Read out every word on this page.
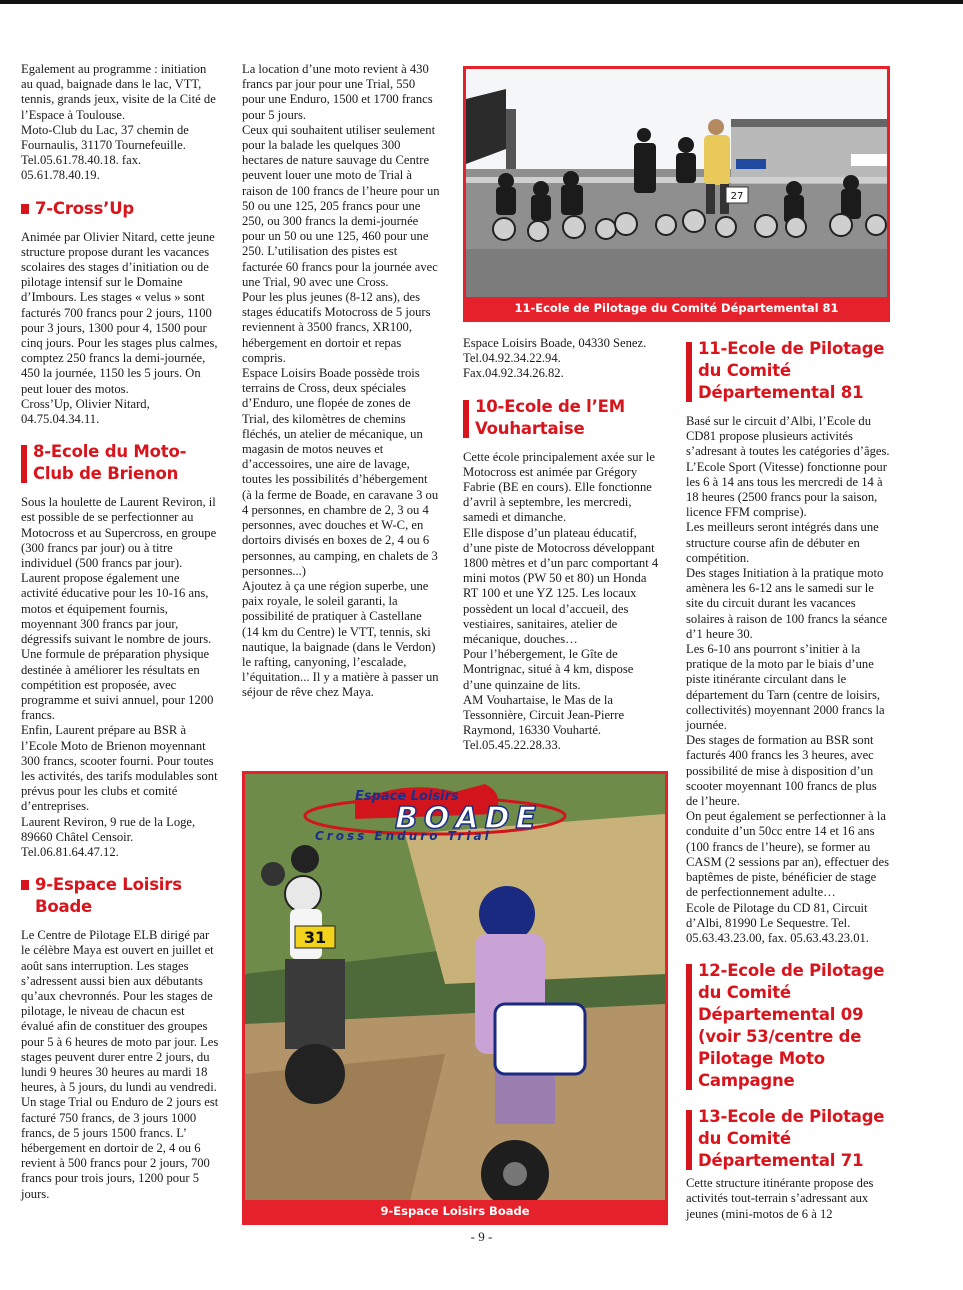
Egalement au programme : initiation au quad, baignade dans le lac, VTT, tennis, grands jeux, visite de la Cité de l’Espace à Toulouse.

Moto-Club du Lac, 37 chemin de Fournaulis, 31170 Tournefeuille. Tel.05.61.78.40.18. fax. 05.61.78.40.19.

7-Cross’Up

Animée par Olivier Nitard, cette jeune structure propose durant les vacances scolaires des stages d’initiation ou de pilotage intensif sur le Domaine d’Imbours. Les stages « velus » sont facturés 700 francs pour 2 jours, 1100 pour 3 jours, 1300 pour 4, 1500 pour cinq jours. Pour les stages plus calmes, comptez 250 francs la demi-journée, 450 la journée, 1150 les 5 jours. On peut louer des motos.

Cross’Up, Olivier Nitard, 04.75.04.34.11.

8-Ecole du Moto-Club de Brienon

Sous la houlette de Laurent Reviron, il est possible de se perfectionner au Motocross et au Supercross, en groupe (300 francs par jour) ou à titre individuel (500 francs par jour). Laurent propose également une activité éducative pour les 10-16 ans, motos et équipement fournis, moyennant 300 francs par jour, dégressifs suivant le nombre de jours.

Une formule de préparation physique destinée à améliorer les résultats en compétition est proposée, avec programme et suivi annuel, pour 1200 francs.

Enfin, Laurent prépare au BSR à l’Ecole Moto de Brienon moyennant 300 francs, scooter fourni. Pour toutes les activités, des tarifs modulables sont prévus pour les clubs et comité d’entreprises.

Laurent Reviron, 9 rue de la Loge, 89660 Châtel Censoir. Tel.06.81.64.47.12.

9-Espace Loisirs Boade

Le Centre de Pilotage ELB dirigé par le célèbre Maya est ouvert en juillet et août sans interruption. Les stages s’adressent aussi bien aux débutants qu’aux chevronnés. Pour les stages de pilotage, le niveau de chacun est évalué afin de constituer des groupes pour 5 à 6 heures de moto par jour. Les stages peuvent durer entre 2 jours, du lundi 9 heures 30 heures au mardi 18 heures, à 5 jours, du lundi au vendredi. Un stage Trial ou Enduro de 2 jours est facturé 750 francs, de 3 jours 1000 francs, de 5 jours 1500 francs. L’ hébergement en dortoir de 2, 4 ou 6 revient à 500 francs pour 2 jours, 700 francs pour trois jours, 1200 pour 5 jours.

La location d’une moto revient à 430 francs par jour pour une Trial, 550 pour une Enduro, 1500 et 1700 francs pour 5 jours.

Ceux qui souhaitent utiliser seulement pour la balade les quelques 300 hectares de nature sauvage du Centre peuvent louer une moto de Trial à raison de 100 francs de l’heure pour un 50 ou une 125, 205 francs pour une 250, ou 300 francs la demi-journée pour un 50 ou une 125, 460 pour une 250. L’utilisation des pistes est facturée 60 francs pour la journée avec une Trial, 90 avec une Cross.

Pour les plus jeunes (8-12 ans), des stages éducatifs Motocross de 5 jours reviennent à 3500 francs, XR100, hébergement en dortoir et repas compris.

Espace Loisirs Boade possède trois terrains de Cross, deux spéciales d’Enduro, une flopée de zones de Trial, des kilomètres de chemins fléchés, un atelier de mécanique, un magasin de motos neuves et d’accessoires, une aire de lavage, toutes les possibilités d’hébergement (à la ferme de Boade, en caravane 3 ou 4 personnes, en chambre de 2, 3 ou 4 personnes, avec douches et W-C, en dortoirs divisés en boxes de 2, 4 ou 6 personnes, au camping, en chalets de 3 personnes...)

Ajoutez à ça une région superbe, une paix royale, le soleil garanti, la possibilité de pratiquer à Castellane (14 km du Centre) le VTT, tennis, ski nautique, la baignade (dans le Verdon) le rafting, canyoning, l’escalade, l’équitation... Il y a matière à passer un séjour de rêve chez Maya.

27
11-Ecole de Pilotage du Comité Départemental 81

Espace Loisirs Boade, 04330 Senez. Tel.04.92.34.22.94. Fax.04.92.34.26.82.

10-Ecole de l’EM Vouhartaise

Cette école principalement axée sur le Motocross est animée par Grégory Fabrie (BE en cours). Elle fonctionne d’avril à septembre, les mercredi, samedi et dimanche.

Elle dispose d’un plateau éducatif, d’une piste de Motocross développant 1800 mètres et d’un parc comportant 4 mini motos (PW 50 et 80) un Honda RT 100 et une YZ 125. Les locaux possèdent un local d’accueil, des vestiaires, sanitaires, atelier de mécanique, douches…

Pour l’hébergement, le Gîte de Montrignac, situé à 4 km, dispose d’une quinzaine de lits.

AM Vouhartaise, le Mas de la Tessonnière, Circuit Jean-Pierre Raymond, 16330 Vouharté. Tel.05.45.22.28.33.

Espace Loisirs
BOADE
Cross Enduro Trial
31
9-Espace Loisirs Boade
11-Ecole de Pilotage du Comité Départemental 81

Basé sur le circuit d’Albi, l’Ecole du CD81 propose plusieurs activités s’adresant à toutes les catégories d’âges. L’Ecole Sport (Vitesse) fonctionne pour les 6 à 14 ans tous les mercredi de 14 à 18 heures (2500 francs pour la saison, licence FFM comprise).

Les meilleurs seront intégrés dans une structure course afin de débuter en compétition.

Des stages Initiation à la pratique moto amènera les 6-12 ans le samedi sur le site du circuit durant les vacances solaires à raison de 100 francs la séance d’1 heure 30.

Les 6-10 ans pourront s’initier à la pratique de la moto par le biais d’une piste itinérante circulant dans le département du Tarn (centre de loisirs, collectivités) moyennant 2000 francs la journée.

Des stages de formation au BSR sont facturés 400 francs les 3 heures, avec possibilité de mise à disposition d’un scooter moyennant 100 francs de plus de l’heure.

On peut également se perfectionner à la conduite d’un 50cc entre 14 et 16 ans (100 francs de l’heure), se former au CASM (2 sessions par an), effectuer des baptêmes de piste, bénéficier de stage de perfectionnement adulte…

Ecole de Pilotage du CD 81, Circuit d’Albi, 81990 Le Sequestre. Tel. 05.63.43.23.00, fax. 05.63.43.23.01.

12-Ecole de Pilotage du Comité Départemental 09 (voir 53/centre de Pilotage Moto Campagne
13-Ecole de Pilotage du Comité Départemental 71

Cette structure itinérante propose des activités tout-terrain s’adressant aux jeunes (mini-motos de 6 à 12

- 9 -
